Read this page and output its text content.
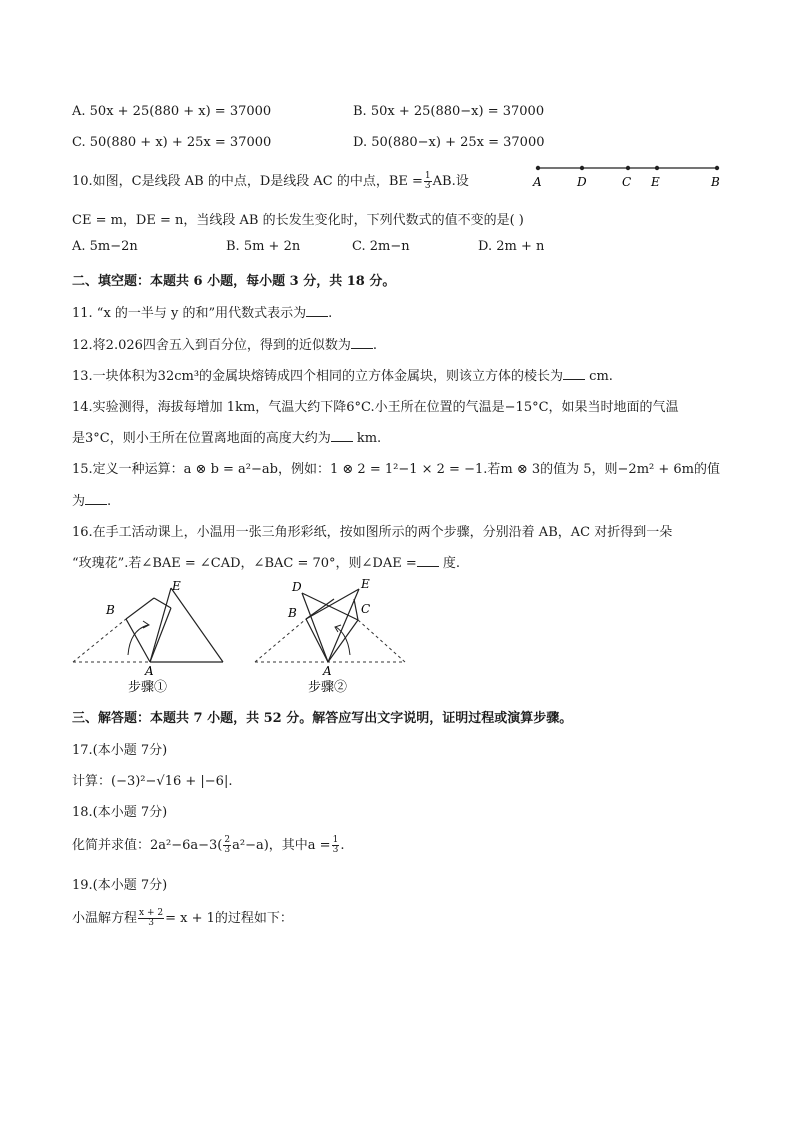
A. 50x + 25(880 + x) = 37000	B. 50x + 25(880−x) = 37000
C. 50(880 + x) + 25x = 37000	D. 50(880−x) + 25x = 37000
10.如图，C是线段 AB 的中点，D是线段 AC 的中点，BE = $\frac{1}{3}$ AB.设	A	D	C E	B
CE = m，DE = n，当线段 AB 的长发生变化时，下列代数式的值不变的是( )
A. 5m−2n	B. 5m + 2n	C. 2m−n	D. 2m + n
二、填空题：本题共 6 小题，每小题 3 分，共 18 分。
11. “x 的一半与 y 的和”用代数式表示为 .
12.将2.026四舍五入到百分位，得到的近似数为 .
13.一块体积为32cm³的金属块熔铸成四个相同的立方体金属块，则该立方体的棱长为 cm.
14.实验测得，海拔每增加 1km，气温大约下降6°C.小王所在位置的气温是−15°C，如果当时地面的气温
是3°C，则小王所在位置离地面的高度大约为 km.
15.定义一种运算：a ⊗ b = a²−ab，例如：1 ⊗ 2 = 1²−1 × 2 = −1.若m ⊗ 3的值为 5，则−2m² + 6m的值
为 .
16.在手工活动课上，小温用一张三角形彩纸，按如图所示的两个步骤，分别沿着 AB，AC 对折得到一朵
“玫瑰花”.若∠BAE = ∠CAD，∠BAC = 70°，则∠DAE = 度.
B
E
A
步骤①
D	E
B	C
A
步骤②
三、解答题：本题共 7 小题，共 52 分。解答应写出文字说明，证明过程或演算步骤。
17.(本小题 7分)
计算：(−3)²−√16 + |−6|.
18.(本小题 7分)
化简并求值：$2a^2-6a-3( \frac{2}{3} a^2-a)$，其中$a = \frac{1}{3}$ .
19.(本小题 7分)
小温解方程 $\frac{x + 2}{3} = x + 1$的过程如下：
